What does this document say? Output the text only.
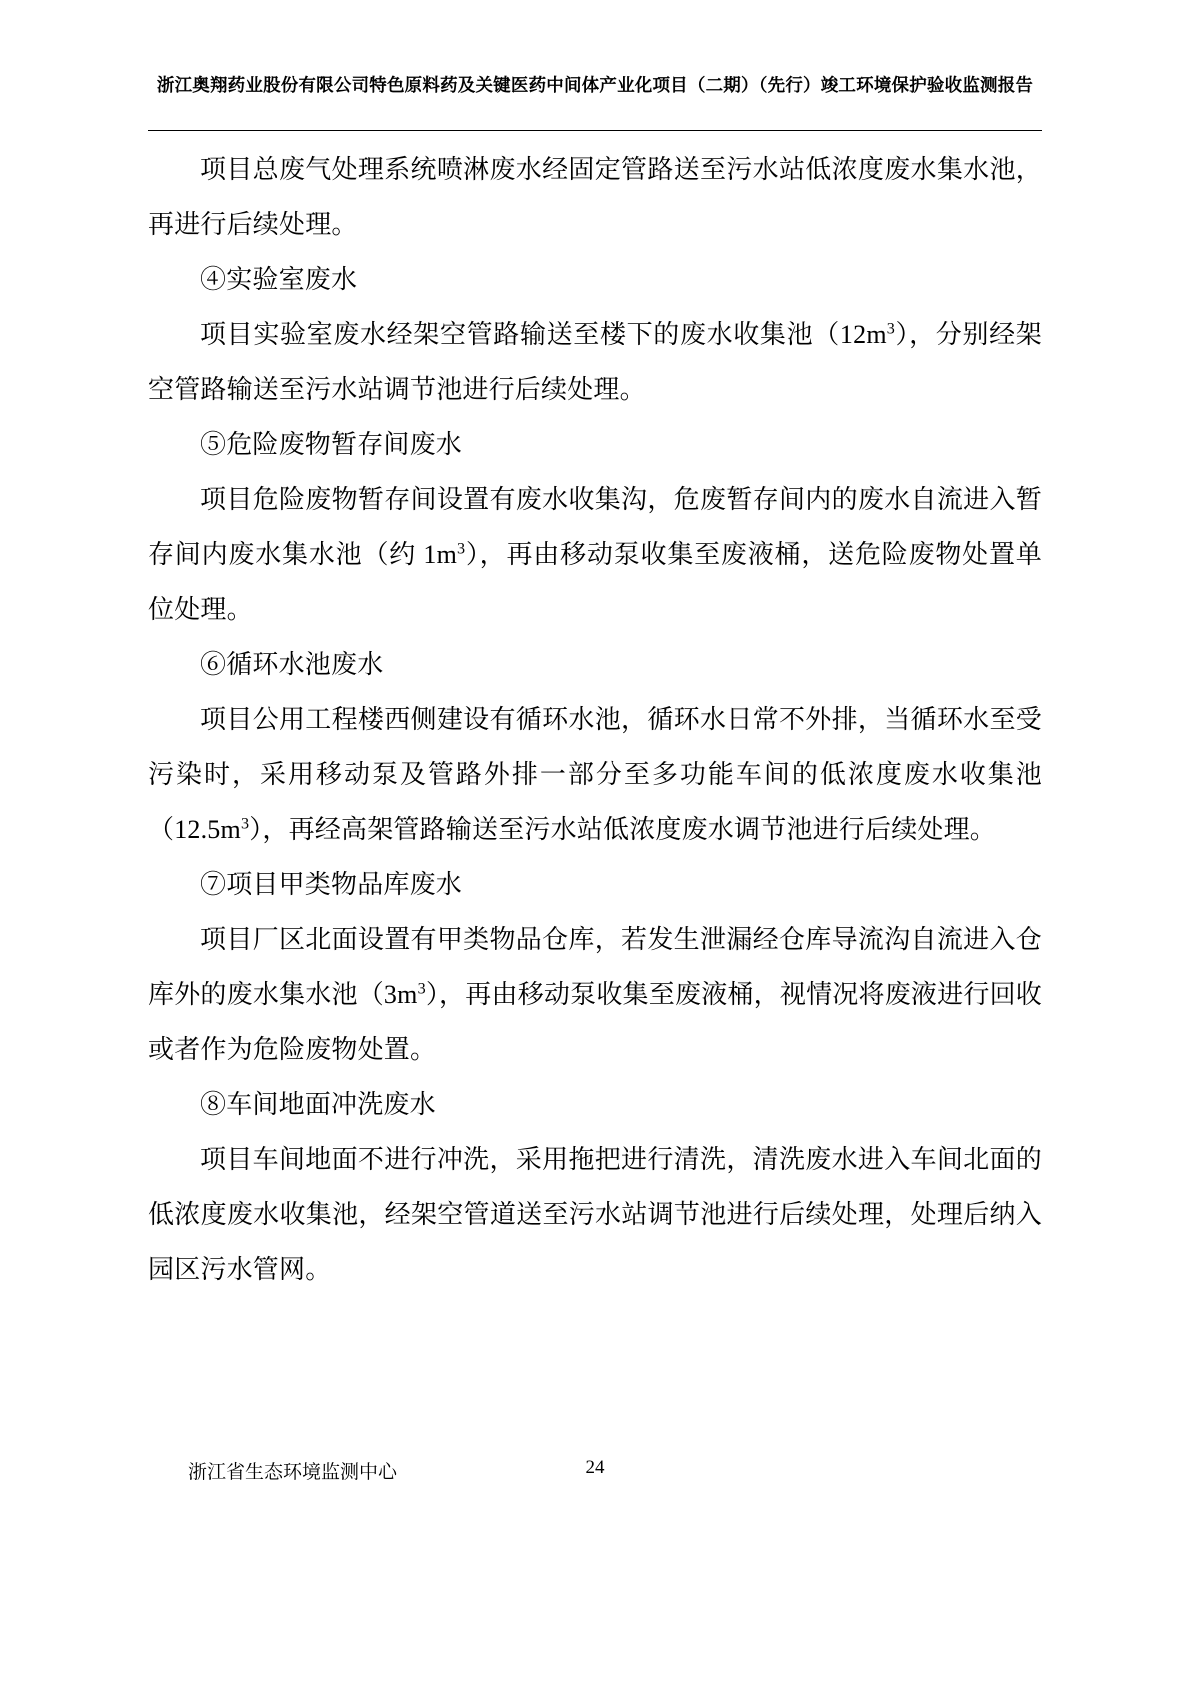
浙江奥翔药业股份有限公司特色原料药及关键医药中间体产业化项目（二期）（先行）竣工环境保护验收监测报告

项目总废气处理系统喷淋废水经固定管路送至污水站低浓度废水集水池，再进行后续处理。

④实验室废水

项目实验室废水经架空管路输送至楼下的废水收集池$(12m^3)$，分别经架空管路输送至污水站调节池进行后续处理。

⑤危险废物暂存间废水

项目危险废物暂存间设置有废水收集沟，危废暂存间内的废水自流进入暂存间内废水集水池（约 $1m^3$），再由移动泵收集至废液桶，送危险废物处置单位处理。

⑥循环水池废水

项目公用工程楼西侧建设有循环水池，循环水日常不外排，当循环水至受污染时，采用移动泵及管路外排一部分至多功能车间的低浓度废水收集池$(12.5m^3)$，再经高架管路输送至污水站低浓度废水调节池进行后续处理。

⑦项目甲类物品库废水

项目厂区北面设置有甲类物品仓库，若发生泄漏经仓库导流沟自流进入仓库外的废水集水池$(3m^3)$，再由移动泵收集至废液桶，视情况将废液进行回收或者作为危险废物处置。

⑧车间地面冲洗废水

项目车间地面不进行冲洗，采用拖把进行清洗，清洗废水进入车间北面的低浓度废水收集池，经架空管道送至污水站调节池进行后续处理，处理后纳入园区污水管网。

浙江省生态环境监测中心	24
